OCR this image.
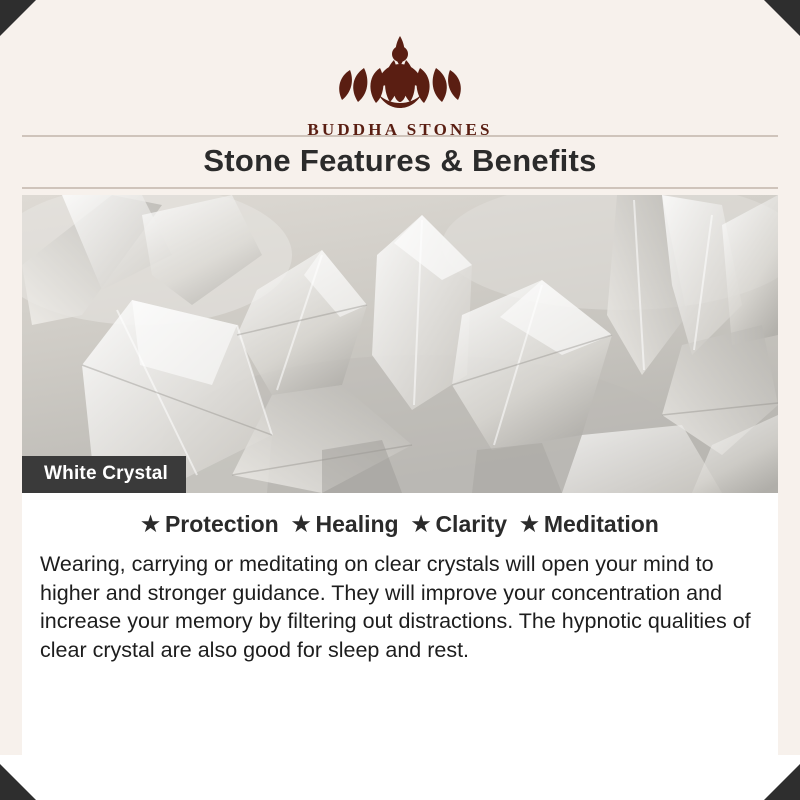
BUDDHA STONES
Stone Features & Benefits
White Crystal
★ Protection ★ Healing ★ Clarity ★ Meditation
Wearing, carrying or meditating on clear crystals will open your mind to higher and stronger guidance. They will improve your concentration and increase your memory by filtering out distractions. The hypnotic qualities of clear crystal are also good for sleep and rest.
